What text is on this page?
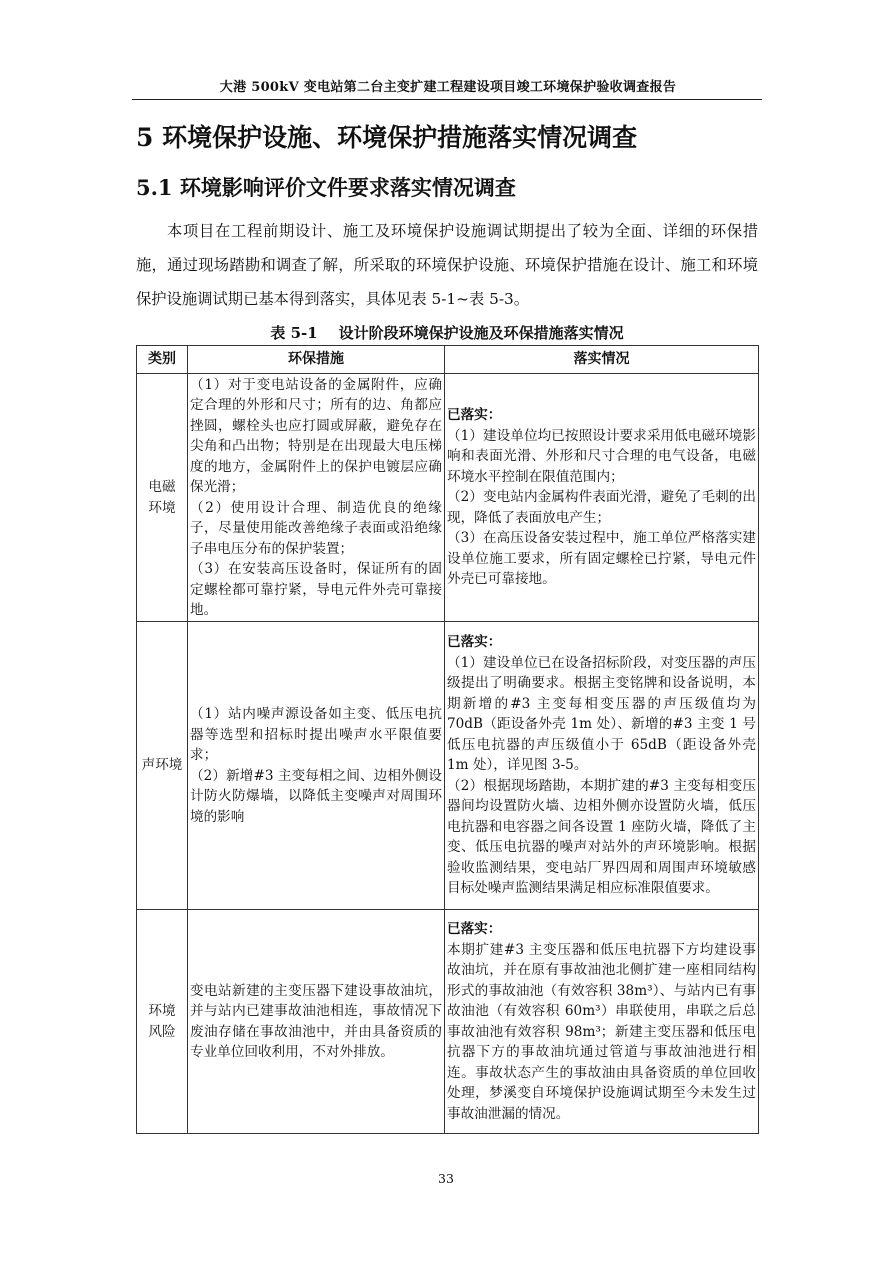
大港 500kV 变电站第二台主变扩建工程建设项目竣工环境保护验收调查报告
5 环境保护设施、环境保护措施落实情况调查
5.1 环境影响评价文件要求落实情况调查

本项目在工程前期设计、施工及环境保护设施调试期提出了较为全面、详细的环保措施，通过现场踏勘和调查了解，所采取的环境保护设施、环境保护措施在设计、施工和环境保护设施调试期已基本得到落实，具体见表 5-1~表 5-3。

表 5-1    设计阶段环境保护设施及环保措施落实情况
类别	环保措施	落实情况

电磁
环境	（1）对于变电站设备的金属附件，应确定合理的外形和尺寸；所有的边、角都应挫圆，螺栓头也应打圆或屏蔽，避免存在尖角和凸出物；特别是在出现最大电压梯度的地方，金属附件上的保护电镀层应确保光滑；
（2）使用设计合理、制造优良的绝缘子，尽量使用能改善绝缘子表面或沿绝缘子串电压分布的保护装置；
（3）在安装高压设备时，保证所有的固定螺栓都可靠拧紧，导电元件外壳可靠接地。	已落实：
（1）建设单位均已按照设计要求采用低电磁环境影响和表面光滑、外形和尺寸合理的电气设备，电磁环境水平控制在限值范围内；
（2）变电站内金属构件表面光滑，避免了毛刺的出现，降低了表面放电产生；
（3）在高压设备安装过程中，施工单位严格落实建设单位施工要求，所有固定螺栓已拧紧，导电元件外壳已可靠接地。

声环境	（1）站内噪声源设备如主变、低压电抗器等选型和招标时提出噪声水平限值要求；
（2）新增#3 主变每相之间、边相外侧设计防火防爆墙，以降低主变噪声对周围环境的影响	已落实：
（1）建设单位已在设备招标阶段，对变压器的声压级提出了明确要求。根据主变铭牌和设备说明，本期新增的#3 主变每相变压器的声压级值均为 70dB（距设备外壳 1m 处）、新增的#3 主变 1 号低压电抗器的声压级值小于 65dB（距设备外壳 1m 处），详见图 3-5。
（2）根据现场踏勘，本期扩建的#3 主变每相变压器间均设置防火墙、边相外侧亦设置防火墙，低压电抗器和电容器之间各设置 1 座防火墙，降低了主变、低压电抗器的噪声对站外的声环境影响。根据验收监测结果，变电站厂界四周和周围声环境敏感目标处噪声监测结果满足相应标准限值要求。

环境
风险	变电站新建的主变压器下建设事故油坑，并与站内已建事故油池相连，事故情况下废油存储在事故油池中，并由具备资质的专业单位回收利用，不对外排放。	已落实：
本期扩建#3 主变压器和低压电抗器下方均建设事故油坑，并在原有事故油池北侧扩建一座相同结构形式的事故油池（有效容积 38m³）、与站内已有事故油池（有效容积 60m³）串联使用，串联之后总事故油池有效容积 98m³；新建主变压器和低压电抗器下方的事故油坑通过管道与事故油池进行相连。事故状态产生的事故油由具备资质的单位回收处理，梦溪变自环境保护设施调试期至今未发生过事故油泄漏的情况。
33
